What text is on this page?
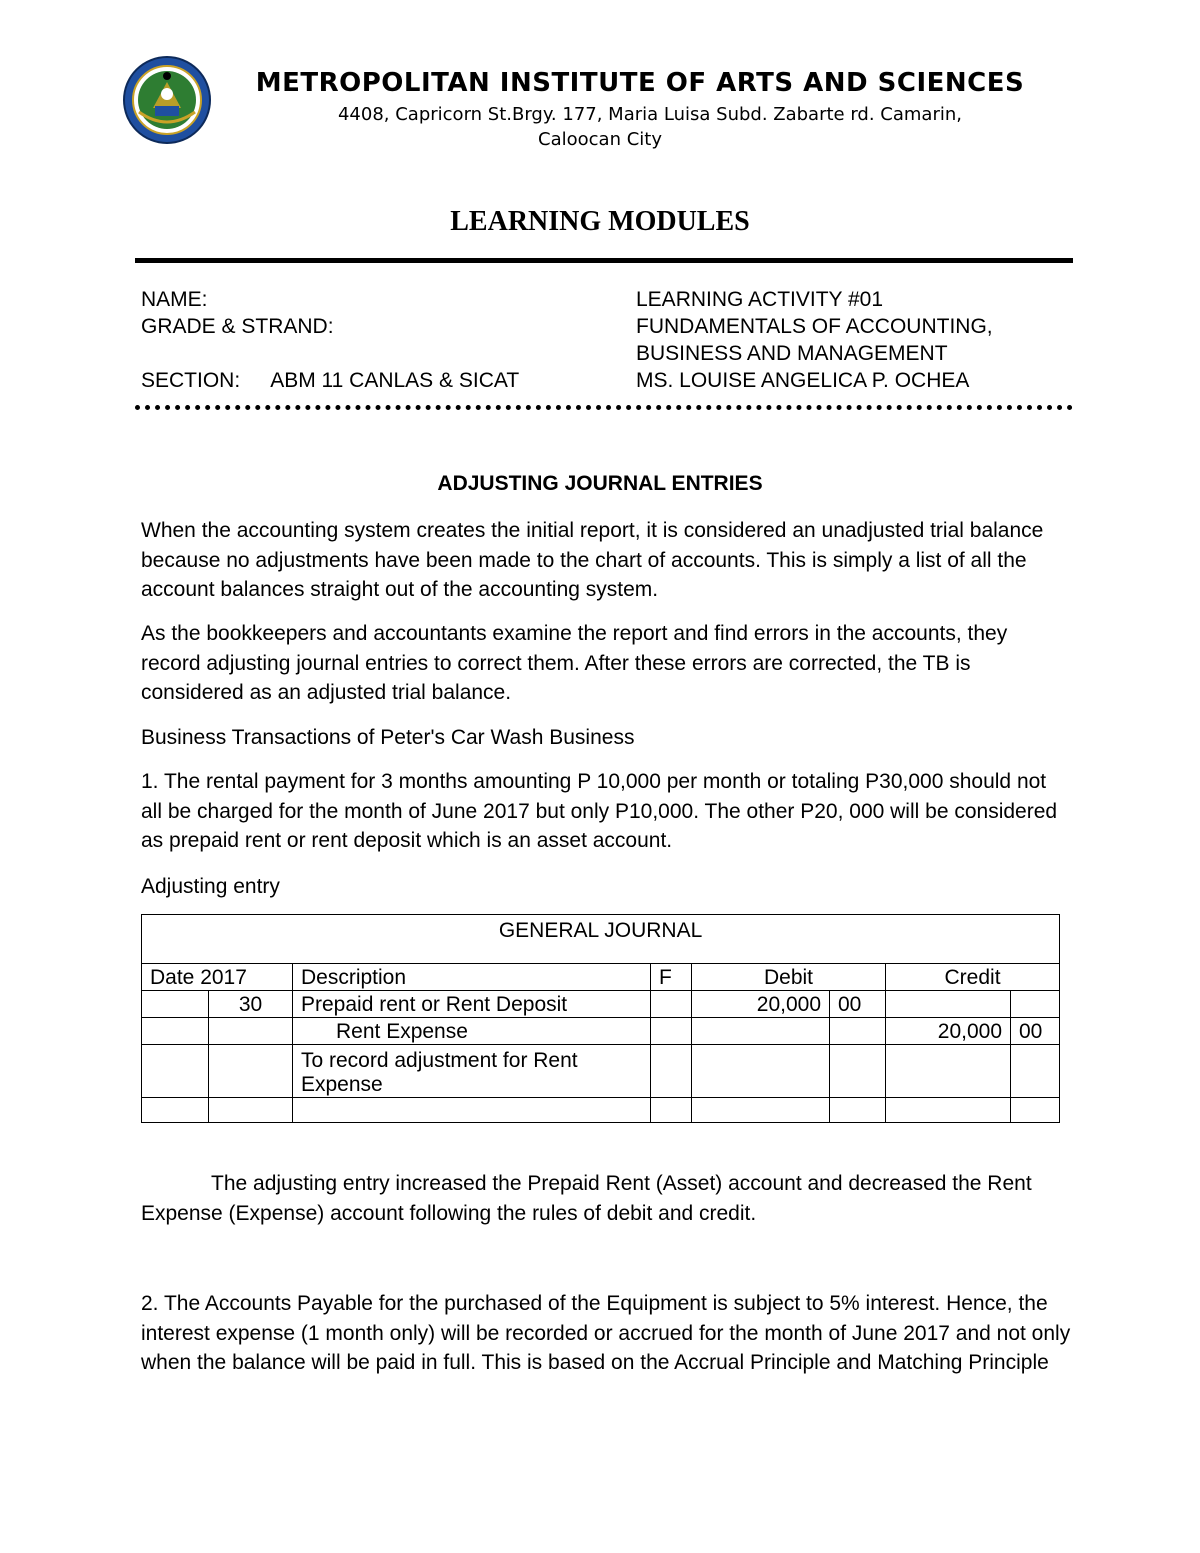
METROPOLITAN INSTITUTE OF ARTS AND SCIENCES
4408, Capricorn St.Brgy. 177, Maria Luisa Subd. Zabarte rd. Camarin,
Caloocan City
LEARNING MODULES
NAME:
GRADE & STRAND:

SECTION: ABM 11 CANLAS & SICAT
LEARNING ACTIVITY #01
FUNDAMENTALS OF ACCOUNTING,
BUSINESS AND MANAGEMENT
MS. LOUISE ANGELICA P. OCHEA
ADJUSTING JOURNAL ENTRIES
When the accounting system creates the initial report, it is considered an unadjusted trial balance because no adjustments have been made to the chart of accounts. This is simply a list of all the account balances straight out of the accounting system.
As the bookkeepers and accountants examine the report and find errors in the accounts, they record adjusting journal entries to correct them. After these errors are corrected, the TB is considered as an adjusted trial balance.
Business Transactions of Peter's Car Wash Business
1. The rental payment for 3 months amounting P 10,000 per month or totaling P30,000 should not all be charged for the month of June 2017 but only P10,000. The other P20, 000 will be considered as prepaid rent or rent deposit which is an asset account.
Adjusting entry
GENERAL JOURNAL							
Date 2017		Description	F	Debit		Credit	
	30	Prepaid rent or Rent Deposit		20,000	00		
		Rent Expense				20,000	00
		To record adjustment for Rent Expense					

The adjusting entry increased the Prepaid Rent (Asset) account and decreased the Rent Expense (Expense) account following the rules of debit and credit.
2. The Accounts Payable for the purchased of the Equipment is subject to 5% interest. Hence, the interest expense (1 month only) will be recorded or accrued for the month of June 2017 and not only when the balance will be paid in full. This is based on the Accrual Principle and Matching Principle
